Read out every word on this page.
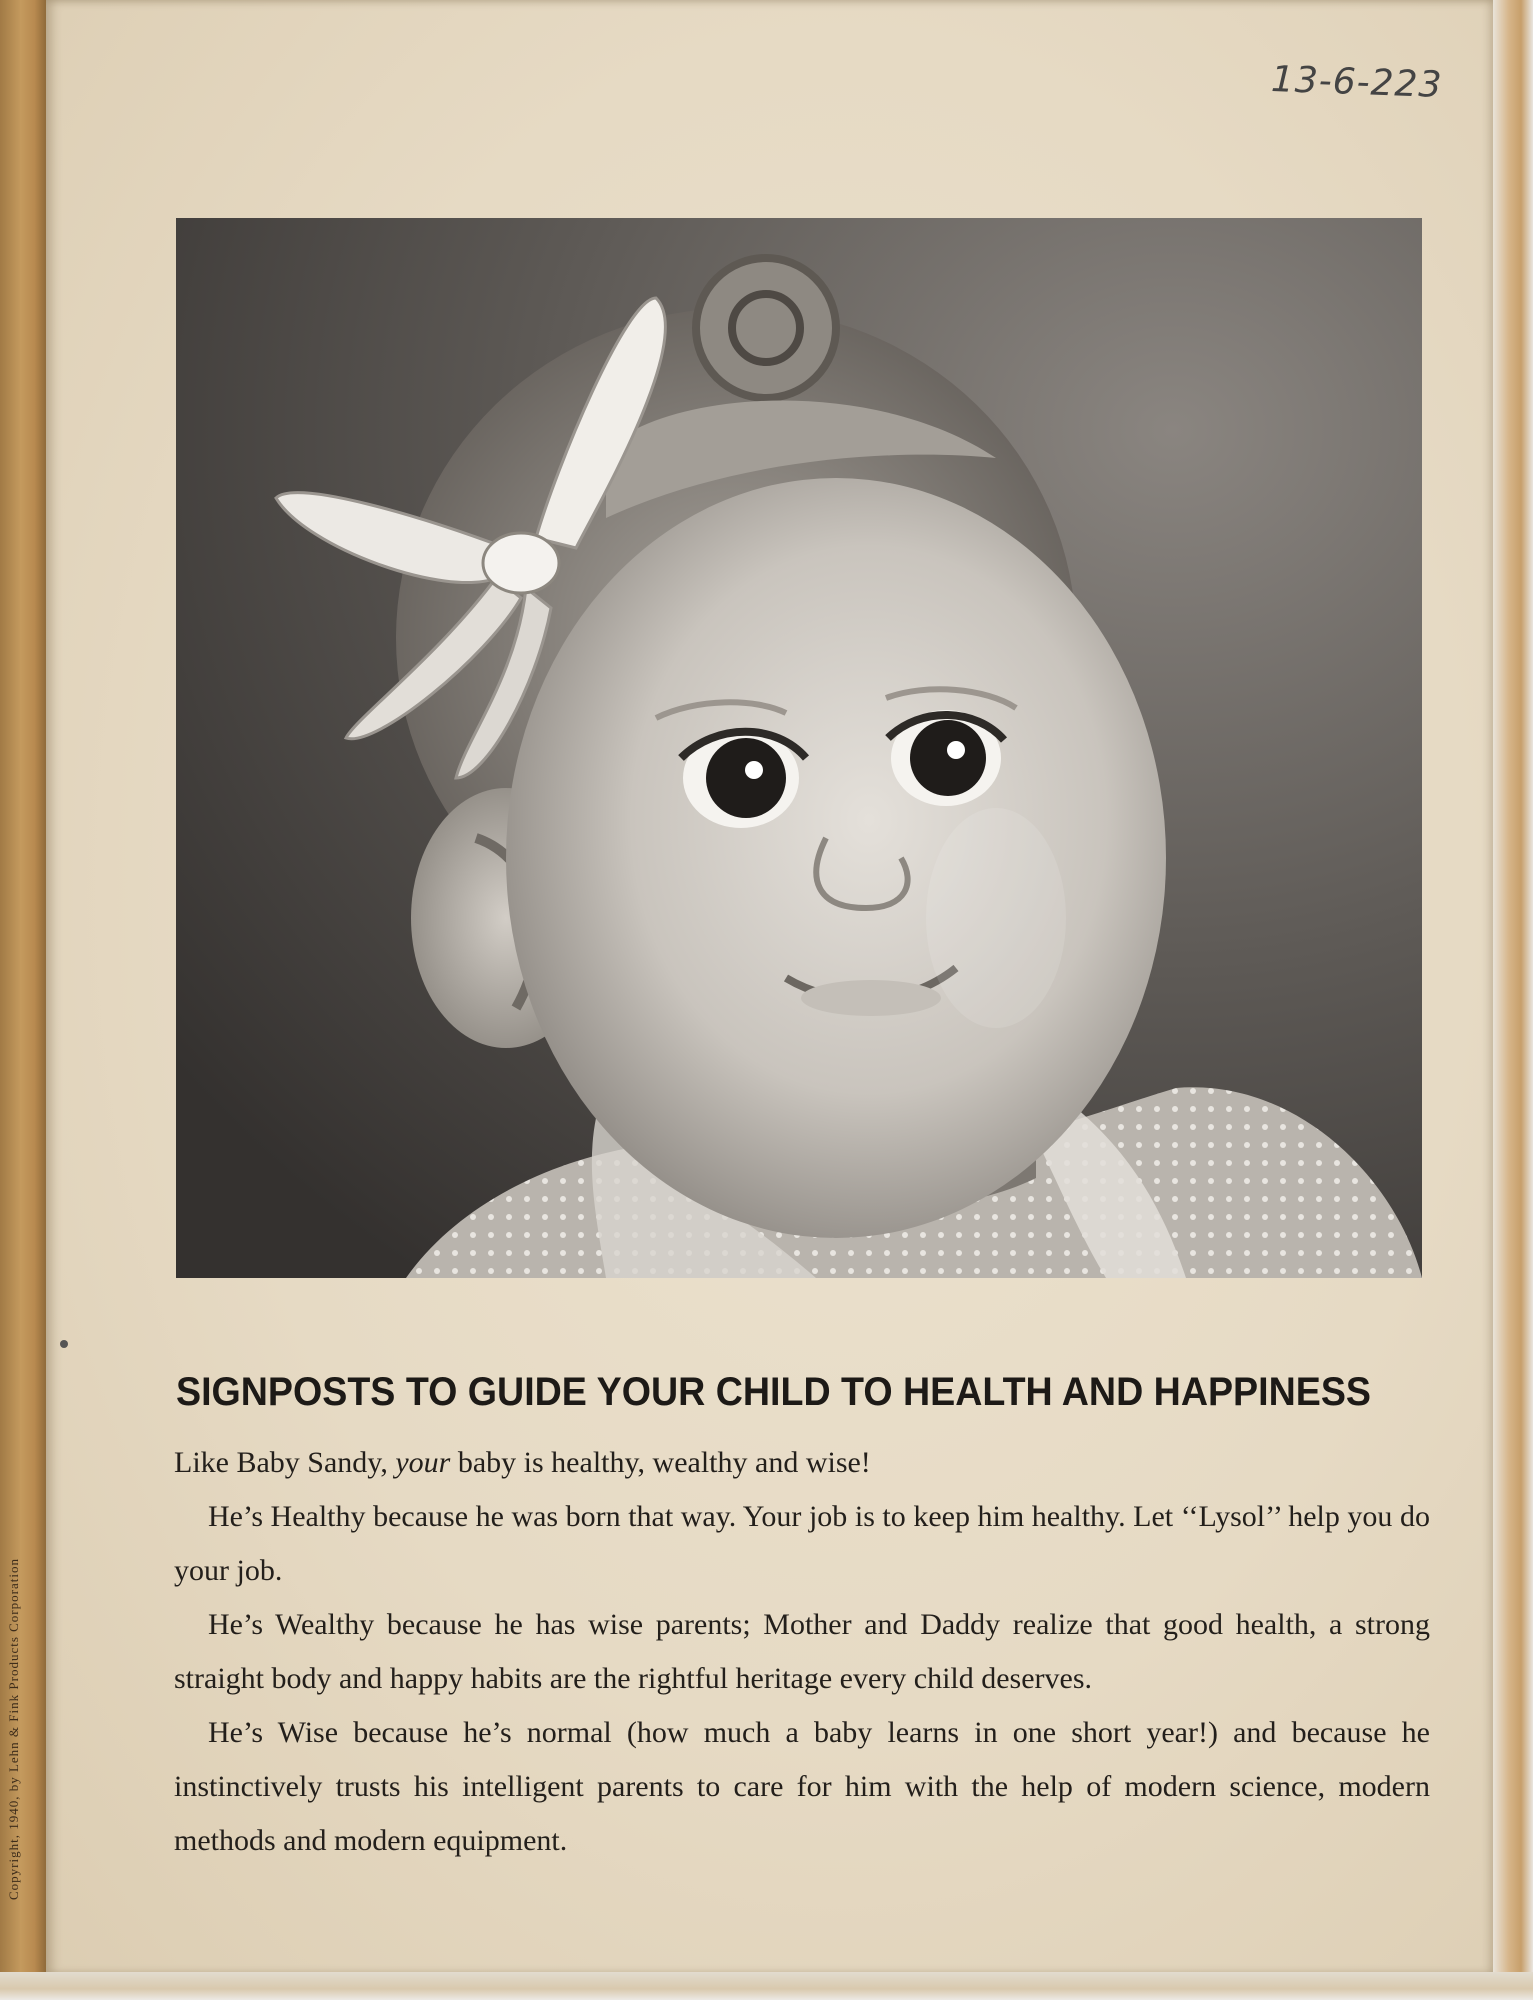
Copyright, 1940, by Lehn & Fink Products Corporation
13-6-223
SIGNPOSTS TO GUIDE YOUR CHILD TO HEALTH AND HAPPINESS

Like Baby Sandy, your baby is healthy, wealthy and wise!

He’s Healthy because he was born that way. Your job is to keep him healthy. Let ‘‘Lysol’’ help you do your job.

He’s Wealthy because he has wise parents; Mother and Daddy realize that good health, a strong straight body and happy habits are the rightful heritage every child deserves.

He’s Wise because he’s normal (how much a baby learns in one short year!) and because he instinctively trusts his intelligent parents to care for him with the help of modern science, modern methods and modern equipment.
